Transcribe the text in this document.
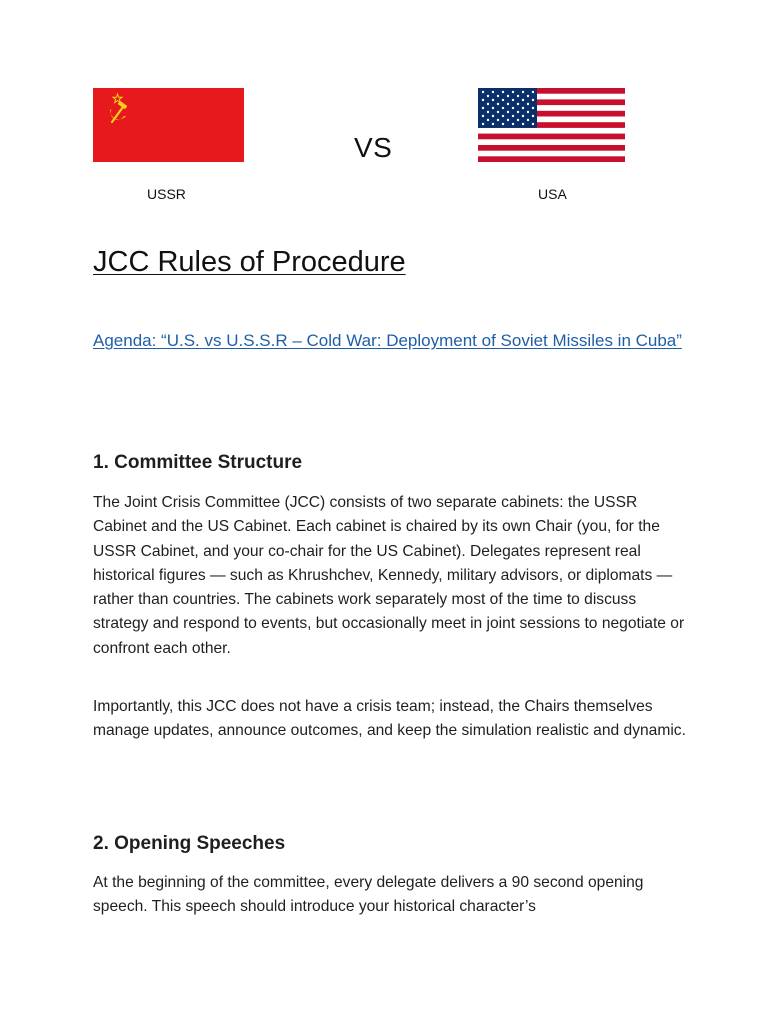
VS
USSR	USA
JCC Rules of Procedure

Agenda: “U.S. vs U.S.S.R – Cold War: Deployment of Soviet Missiles in Cuba”

1. Committee Structure

The Joint Crisis Committee (JCC) consists of two separate cabinets: the USSR Cabinet and the US Cabinet. Each cabinet is chaired by its own Chair (you, for the USSR Cabinet, and your co-chair for the US Cabinet). Delegates represent real historical figures — such as Khrushchev, Kennedy, military advisors, or diplomats — rather than countries. The cabinets work separately most of the time to discuss strategy and respond to events, but occasionally meet in joint sessions to negotiate or confront each other.

Importantly, this JCC does not have a crisis team; instead, the Chairs themselves manage updates, announce outcomes, and keep the simulation realistic and dynamic.

2. Opening Speeches

At the beginning of the committee, every delegate delivers a 90 second opening speech. This speech should introduce your historical character’s
